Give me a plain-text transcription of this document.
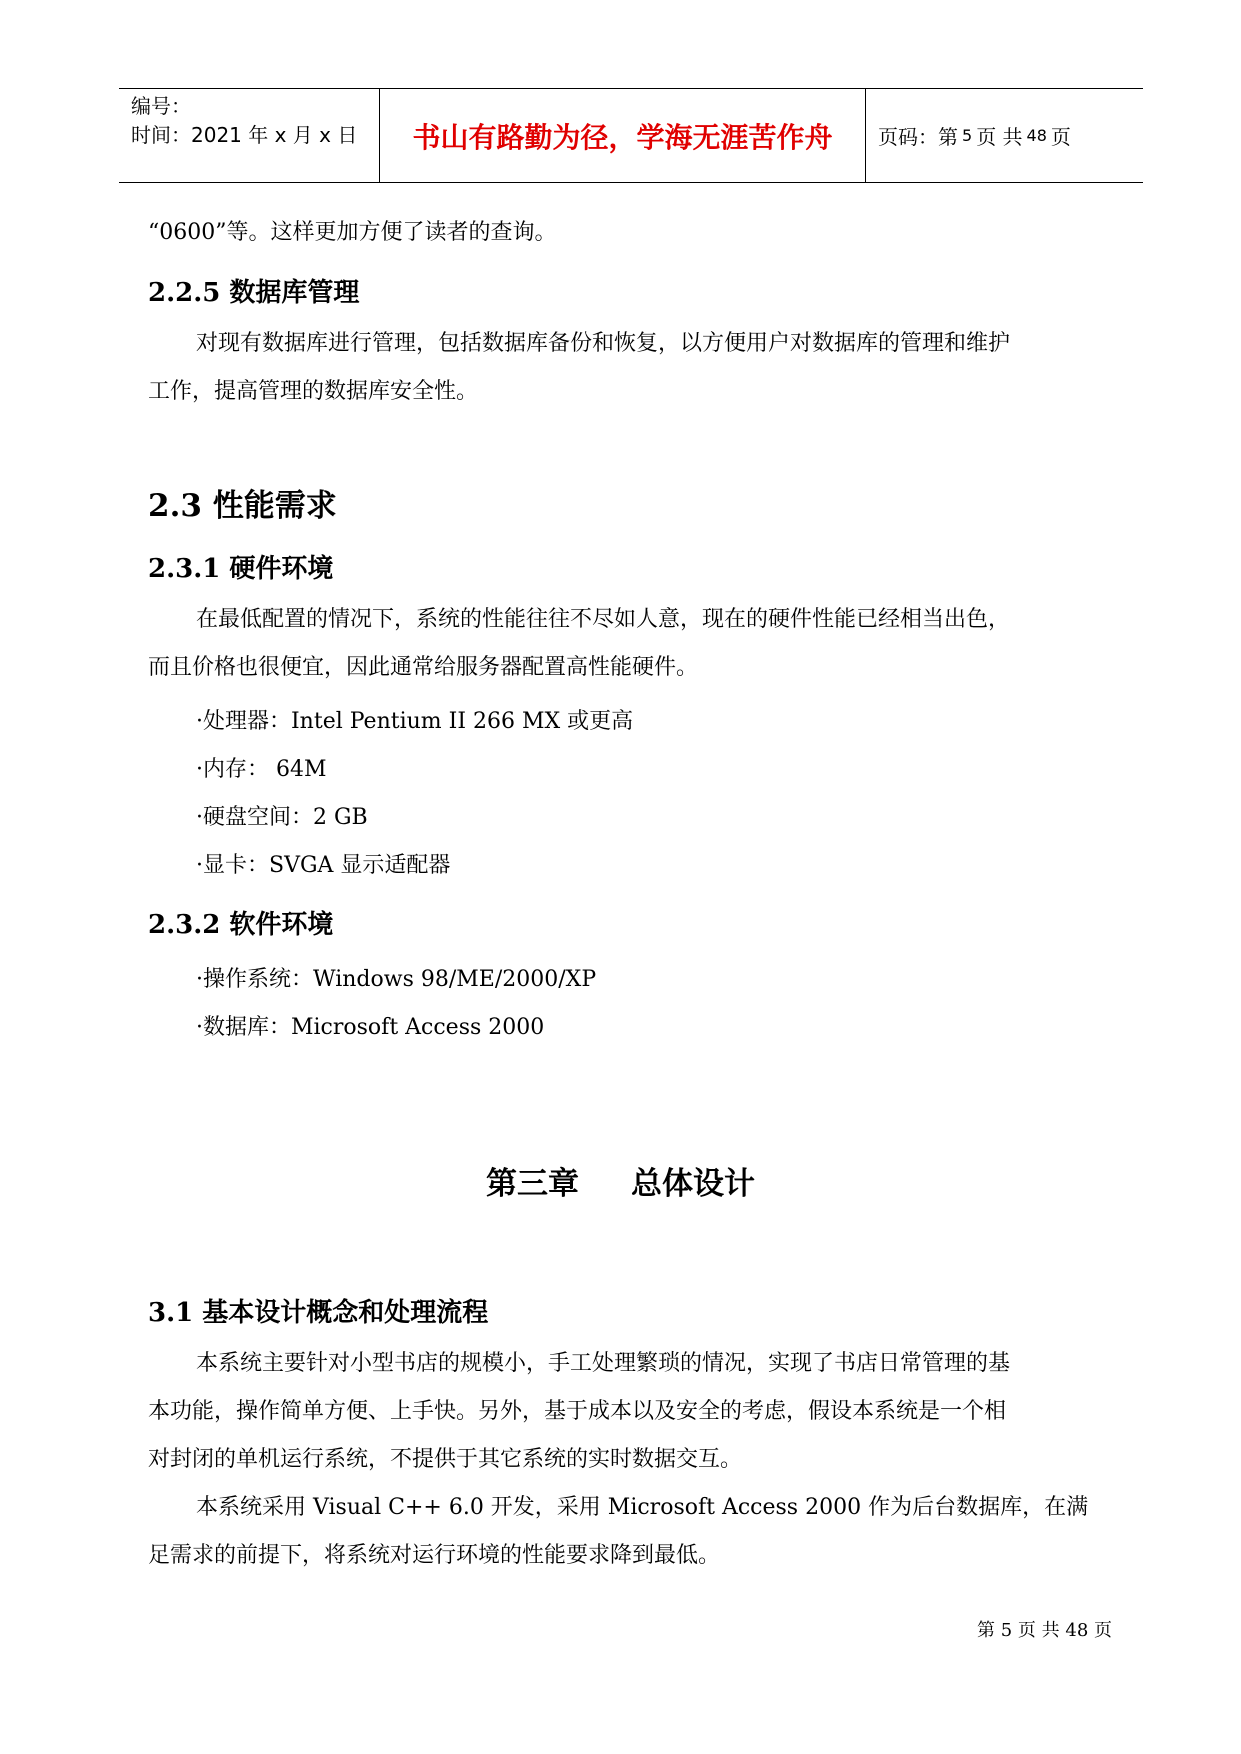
编号：
时间：2021 年 x 月 x 日	书山有路勤为径，学海无涯苦作舟	页码：第 5 页 共 48 页
“0600”等。这样更加方便了读者的查询。
2.2.5 数据库管理
对现有数据库进行管理，包括数据库备份和恢复，以方便用户对数据库的管理和维护
工作，提高管理的数据库安全性。
2.3 性能需求
2.3.1 硬件环境
在最低配置的情况下，系统的性能往往不尽如人意，现在的硬件性能已经相当出色，
而且价格也很便宜，因此通常给服务器配置高性能硬件。
·处理器：Intel Pentium II 266 MX 或更高
·内存： 64M
·硬盘空间：2 GB
·显卡：SVGA 显示适配器
2.3.2 软件环境
·操作系统：Windows 98/ME/2000/XP
·数据库：Microsoft Access 2000
第三章 总体设计
3.1 基本设计概念和处理流程
本系统主要针对小型书店的规模小，手工处理繁琐的情况，实现了书店日常管理的基
本功能，操作简单方便、上手快。另外，基于成本以及安全的考虑，假设本系统是一个相
对封闭的单机运行系统，不提供于其它系统的实时数据交互。
本系统采用 Visual C++ 6.0 开发，采用 Microsoft Access 2000 作为后台数据库，在满
足需求的前提下，将系统对运行环境的性能要求降到最低。
第 5 页 共 48 页
